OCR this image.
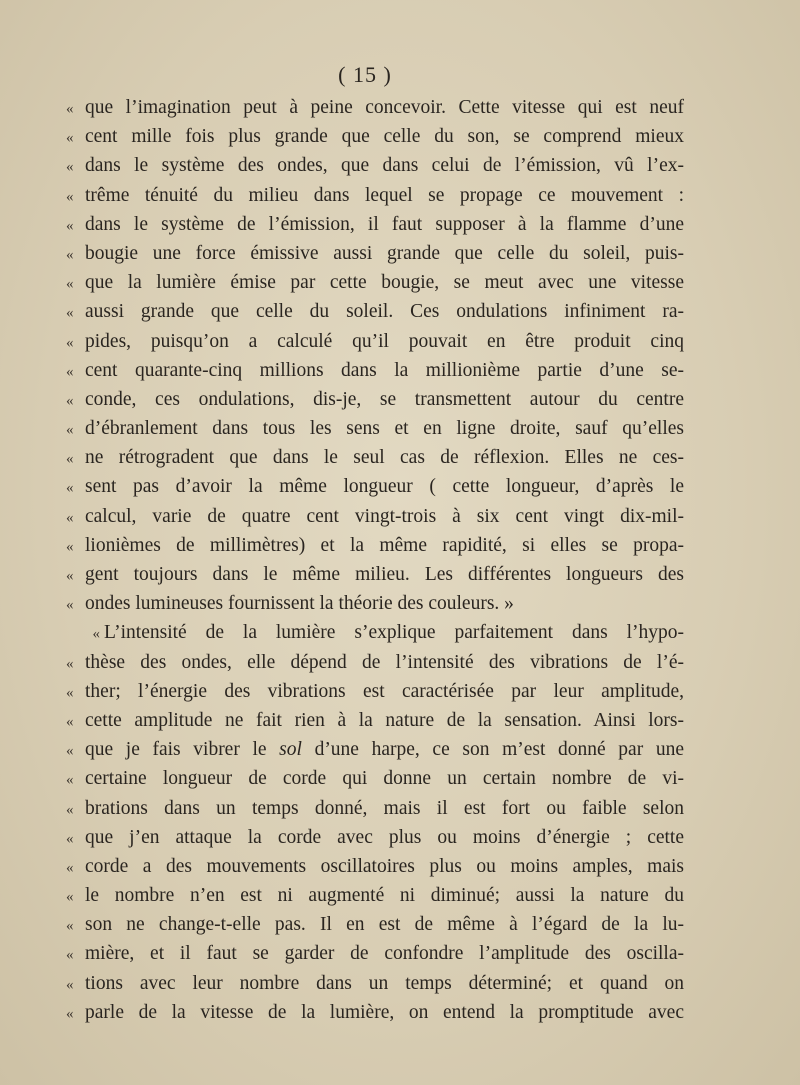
( 15 )
« que l’imagination peut à peine concevoir. Cette vitesse qui est neuf
« cent mille fois plus grande que celle du son, se comprend mieux
« dans le système des ondes, que dans celui de l’émission, vû l’ex-
« trême ténuité du milieu dans lequel se propage ce mouvement :
« dans le système de l’émission, il faut supposer à la flamme d’une
« bougie une force émissive aussi grande que celle du soleil, puis-
« que la lumière émise par cette bougie, se meut avec une vitesse
« aussi grande que celle du soleil. Ces ondulations infiniment ra-
« pides, puisqu’on a calculé qu’il pouvait en être produit cinq
« cent quarante-cinq millions dans la millionième partie d’une se-
« conde, ces ondulations, dis-je, se transmettent autour du centre
« d’ébranlement dans tous les sens et en ligne droite, sauf qu’elles
« ne rétrogradent que dans le seul cas de réflexion. Elles ne ces-
« sent pas d’avoir la même longueur ( cette longueur, d’après le
« calcul, varie de quatre cent vingt-trois à six cent vingt dix-mil-
« lionièmes de millimètres) et la même rapidité, si elles se propa-
« gent toujours dans le même milieu. Les différentes longueurs des
« ondes lumineuses fournissent la théorie des couleurs. »
« L’intensité de la lumière s’explique parfaitement dans l’hypo-
« thèse des ondes, elle dépend de l’intensité des vibrations de l’é-
« ther; l’énergie des vibrations est caractérisée par leur amplitude,
« cette amplitude ne fait rien à la nature de la sensation. Ainsi lors-
« que je fais vibrer le sol d’une harpe, ce son m’est donné par une
« certaine longueur de corde qui donne un certain nombre de vi-
« brations dans un temps donné, mais il est fort ou faible selon
« que j’en attaque la corde avec plus ou moins d’énergie ; cette
« corde a des mouvements oscillatoires plus ou moins amples, mais
« le nombre n’en est ni augmenté ni diminué; aussi la nature du
« son ne change-t-elle pas. Il en est de même à l’égard de la lu-
« mière, et il faut se garder de confondre l’amplitude des oscilla-
« tions avec leur nombre dans un temps déterminé; et quand on
« parle de la vitesse de la lumière, on entend la promptitude avec
